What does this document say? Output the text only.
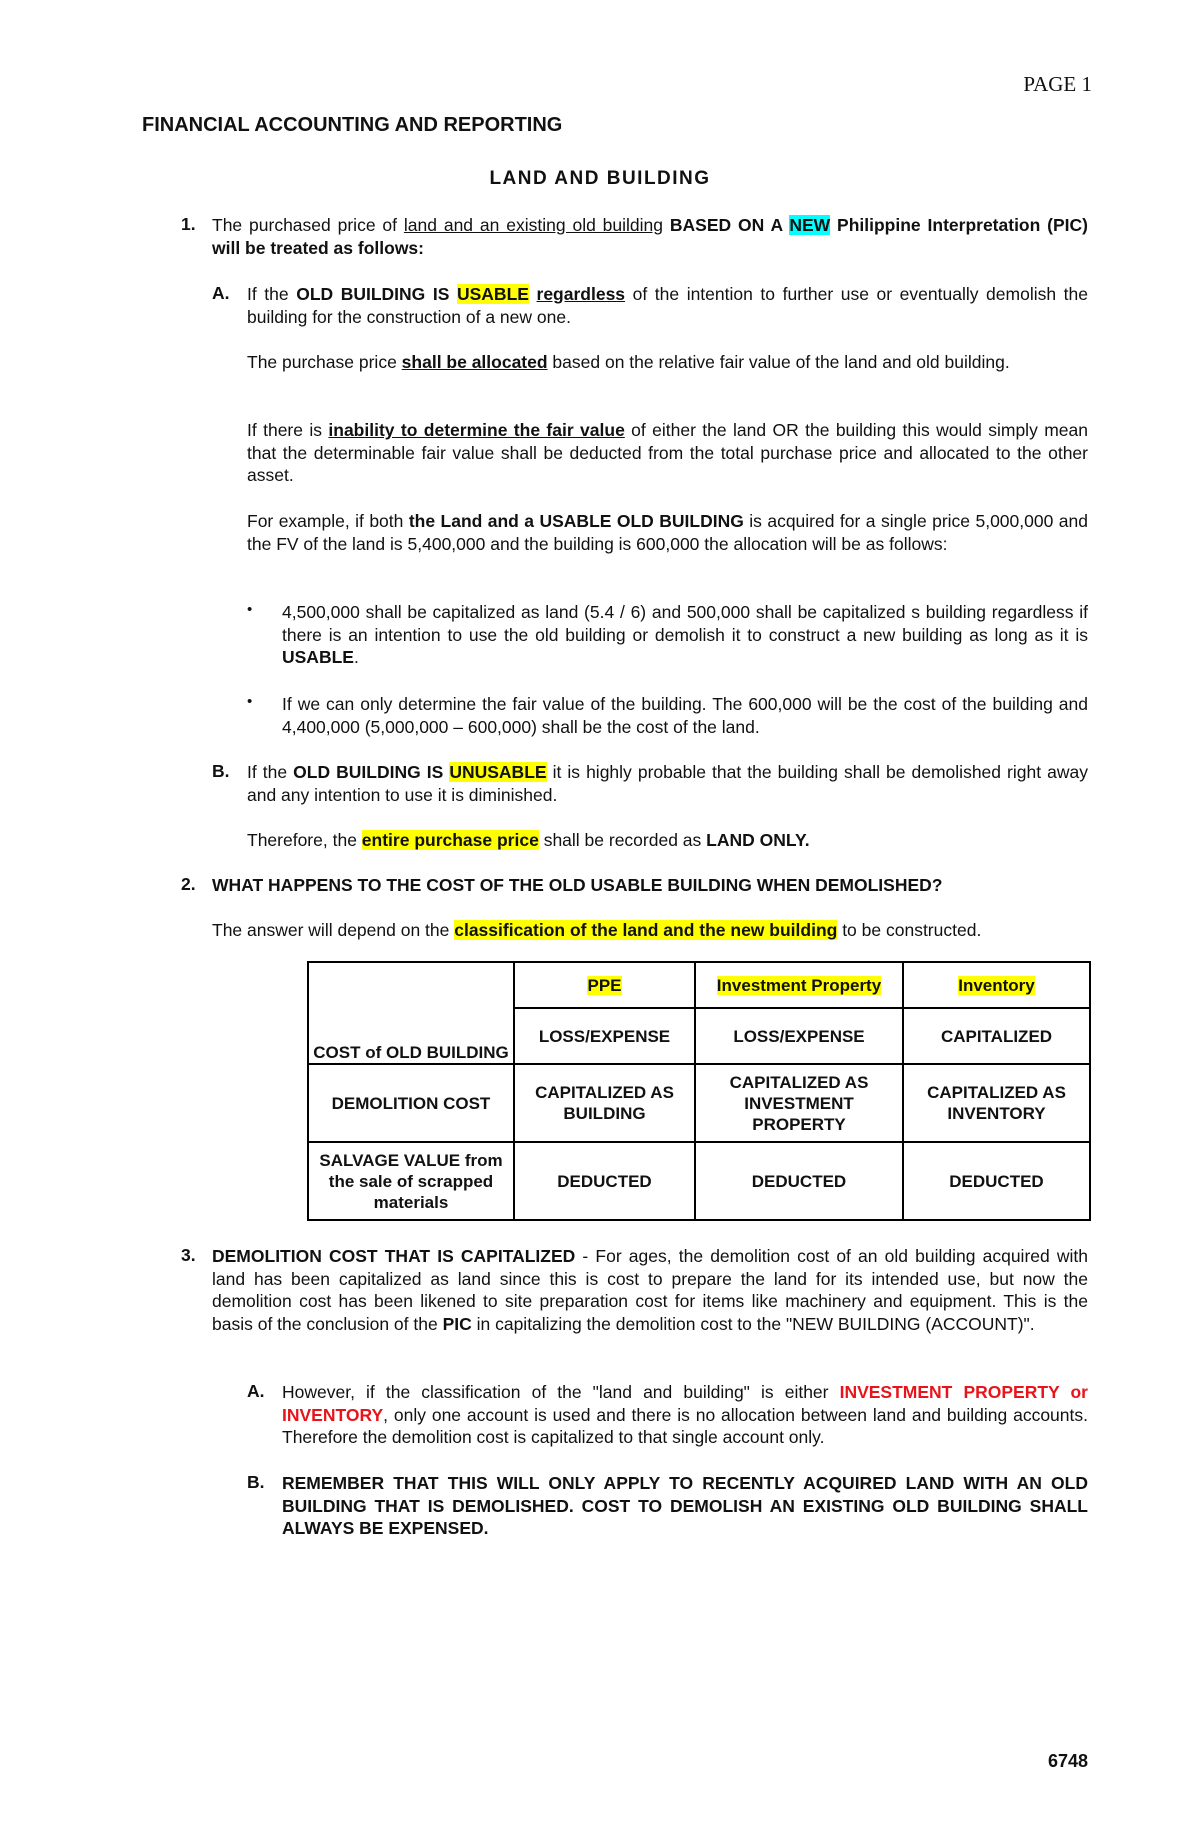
PAGE 1
FINANCIAL ACCOUNTING AND REPORTING
LAND AND BUILDING
1. The purchased price of land and an existing old building BASED ON A NEW Philippine Interpretation (PIC) will be treated as follows:
A. If the OLD BUILDING IS USABLE regardless of the intention to further use or eventually demolish the building for the construction of a new one.
The purchase price shall be allocated based on the relative fair value of the land and old building.
If there is inability to determine the fair value of either the land OR the building this would simply mean that the determinable fair value shall be deducted from the total purchase price and allocated to the other asset.
For example, if both the Land and a USABLE OLD BUILDING is acquired for a single price 5,000,000 and the FV of the land is 5,400,000 and the building is 600,000 the allocation will be as follows:
• 4,500,000 shall be capitalized as land (5.4 / 6) and 500,000 shall be capitalized s building regardless if there is an intention to use the old building or demolish it to construct a new building as long as it is USABLE.
• If we can only determine the fair value of the building. The 600,000 will be the cost of the building and 4,400,000 (5,000,000 – 600,000) shall be the cost of the land.
B. If the OLD BUILDING IS UNUSABLE it is highly probable that the building shall be demolished right away and any intention to use it is diminished.
Therefore, the entire purchase price shall be recorded as LAND ONLY.
2. WHAT HAPPENS TO THE COST OF THE OLD USABLE BUILDING WHEN DEMOLISHED?
The answer will depend on the classification of the land and the new building to be constructed.
COST of OLD BUILDING	PPE	Investment Property	Inventory
	LOSS/EXPENSE	LOSS/EXPENSE	CAPITALIZED
DEMOLITION COST	CAPITALIZED AS BUILDING	CAPITALIZED AS INVESTMENT PROPERTY	CAPITALIZED AS INVENTORY
SALVAGE VALUE from the sale of scrapped materials	DEDUCTED	DEDUCTED	DEDUCTED
3. DEMOLITION COST THAT IS CAPITALIZED - For ages, the demolition cost of an old building acquired with land has been capitalized as land since this is cost to prepare the land for its intended use, but now the demolition cost has been likened to site preparation cost for items like machinery and equipment. This is the basis of the conclusion of the PIC in capitalizing the demolition cost to the "NEW BUILDING (ACCOUNT)".
A. However, if the classification of the "land and building" is either INVESTMENT PROPERTY or INVENTORY, only one account is used and there is no allocation between land and building accounts. Therefore the demolition cost is capitalized to that single account only.
B. REMEMBER THAT THIS WILL ONLY APPLY TO RECENTLY ACQUIRED LAND WITH AN OLD BUILDING THAT IS DEMOLISHED. COST TO DEMOLISH AN EXISTING OLD BUILDING SHALL ALWAYS BE EXPENSED.
6748
